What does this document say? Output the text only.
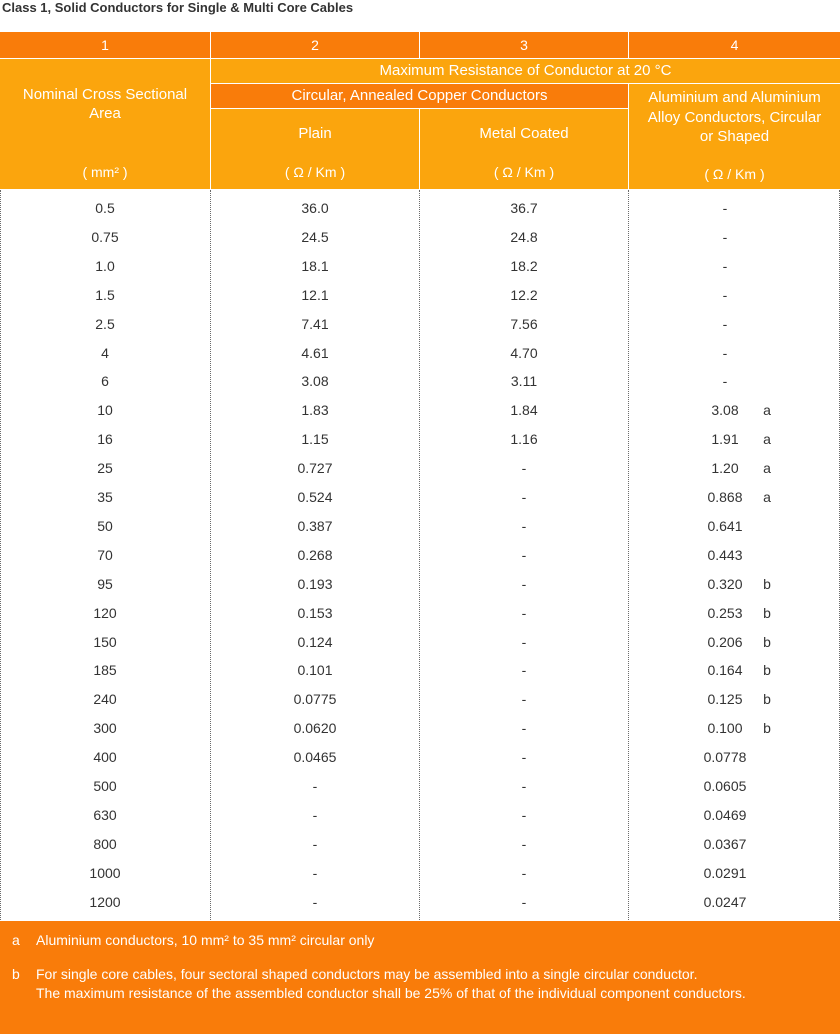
Class 1, Solid Conductors for Single & Multi Core Cables
1	2	3	4
Nominal Cross Sectional Area
( mm² )
Maximum Resistance of Conductor at 20 °C
Circular, Annealed Copper Conductors
Plain
( Ω / Km )
Metal Coated
( Ω / Km )
Aluminium and Aluminium Alloy Conductors, Circular or Shaped
( Ω / Km )
0.5	36.0	36.7	-
0.75	24.5	24.8	-
1.0	18.1	18.2	-
1.5	12.1	12.2	-
2.5	7.41	7.56	-
4	4.61	4.70	-
6	3.08	3.11	-
10	1.83	1.84	3.08	a
16	1.15	1.16	1.91	a
25	0.727	-	1.20	a
35	0.524	-	0.868	a
50	0.387	-	0.641
70	0.268	-	0.443
95	0.193	-	0.320	b
120	0.153	-	0.253	b
150	0.124	-	0.206	b
185	0.101	-	0.164	b
240	0.0775	-	0.125	b
300	0.0620	-	0.100	b
400	0.0465	-	0.0778
500	-	-	0.0605
630	-	-	0.0469
800	-	-	0.0367
1000	-	-	0.0291
1200	-	-	0.0247
a Aluminium conductors, 10 mm² to 35 mm² circular only
b For single core cables, four sectoral shaped conductors may be assembled into a single circular conductor.
The maximum resistance of the assembled conductor shall be 25% of that of the individual component conductors.
